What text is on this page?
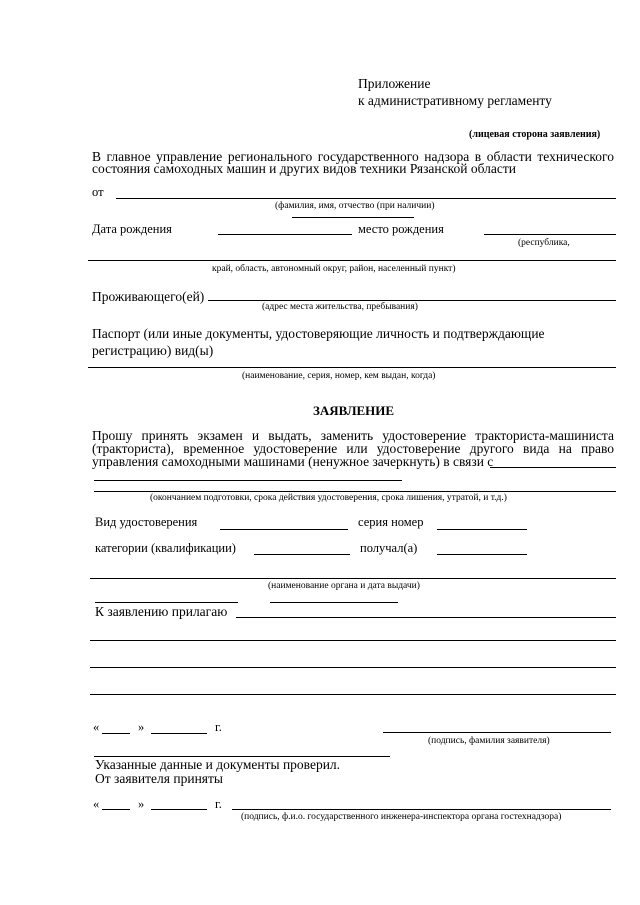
Приложение
к административному регламенту
(лицевая сторона заявления)
В главное управление регионального государственного надзора в области технического
состояния самоходных машин и других видов техники Рязанской области
от
(фамилия, имя, отчество (при наличии)
Дата рождения	место рождения
(республика,
край, область, автономный округ, район, населенный пункт)
Проживающего(ей)
(адрес места жительства, пребывания)
Паспорт (или иные документы, удостоверяющие личность и подтверждающие
регистрацию) вид(ы)
(наименование, серия, номер, кем выдан, когда)
ЗАЯВЛЕНИЕ
Прошу принять экзамен и выдать, заменить удостоверение тракториста-машиниста
(тракториста), временное удостоверение или удостоверение другого вида на право
управления самоходными машинами (ненужное зачеркнуть) в связи с
(окончанием подготовки, срока действия удостоверения, срока лишения, утратой, и т.д.)
Вид удостоверения	серия номер
категории (квалификации)	получал(а)
(наименование органа и дата выдачи)
К заявлению прилагаю
«	»	г.
(подпись, фамилия заявителя)
Указанные данные и документы проверил.
От заявителя приняты
«	»	г.
(подпись, ф.и.о. государственного инженера-инспектора органа гостехнадзора)
